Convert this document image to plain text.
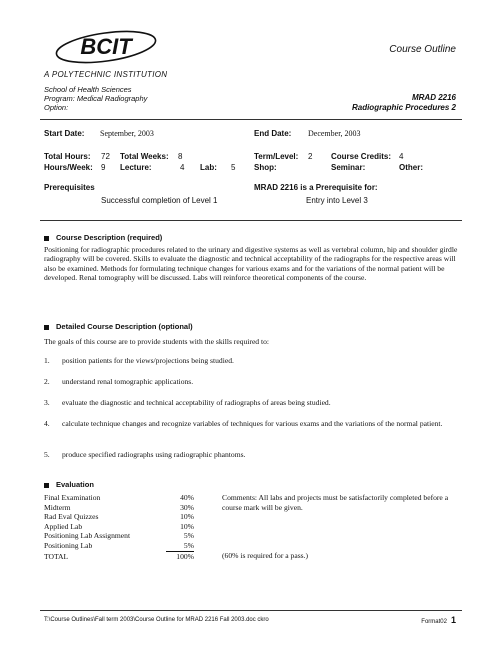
BCIT	Course Outline
A POLYTECHNIC INSTITUTION
School of Health Sciences
Program: Medical Radiography
Option:
MRAD 2216
Radiographic Procedures 2
Start Date: September, 2003	End Date: December, 2003
Total Hours: 72 Total Weeks: 8	Term/Level: 2 Course Credits: 4
Hours/Week: 9 Lecture:	4 Lab: 5 Shop:	Seminar:	Other:
Prerequisites
Successful completion of Level 1
MRAD 2216 is a Prerequisite for:
Entry into Level 3
Course Description (required)
Positioning for radiographic procedures related to the urinary and digestive systems as well as vertebral column, hip and shoulder girdle radiography will be covered. Skills to evaluate the diagnostic and technical acceptability of the radiographs for the respective areas will also be examined. Methods for formulating technique changes for various exams and for the variations of the normal patient will be developed. Renal tomography will be discussed. Labs will reinforce theoretical components of the course.
Detailed Course Description (optional)
The goals of this course are to provide students with the skills required to:
1. position patients for the views/projections being studied.
2. understand renal tomographic applications.
3. evaluate the diagnostic and technical acceptability of radiographs of areas being studied.
4. calculate technique changes and recognize variables of techniques for various exams and the variations of the normal patient.
5. produce specified radiographs using radiographic phantoms.
Evaluation
Final Examination	40%
Midterm	30%
Rad Eval Quizzes	10%
Applied Lab	10%
Positioning Lab Assignment	5%
Positioning Lab	5%
TOTAL	100%
Comments: All labs and projects must be satisfactorily completed before a course mark will be given.
(60% is required for a pass.)
T:\Course Outlines\Fall term 2003\Course Outline for MRAD 2216 Fall 2003.doc ckro	Format02 1
